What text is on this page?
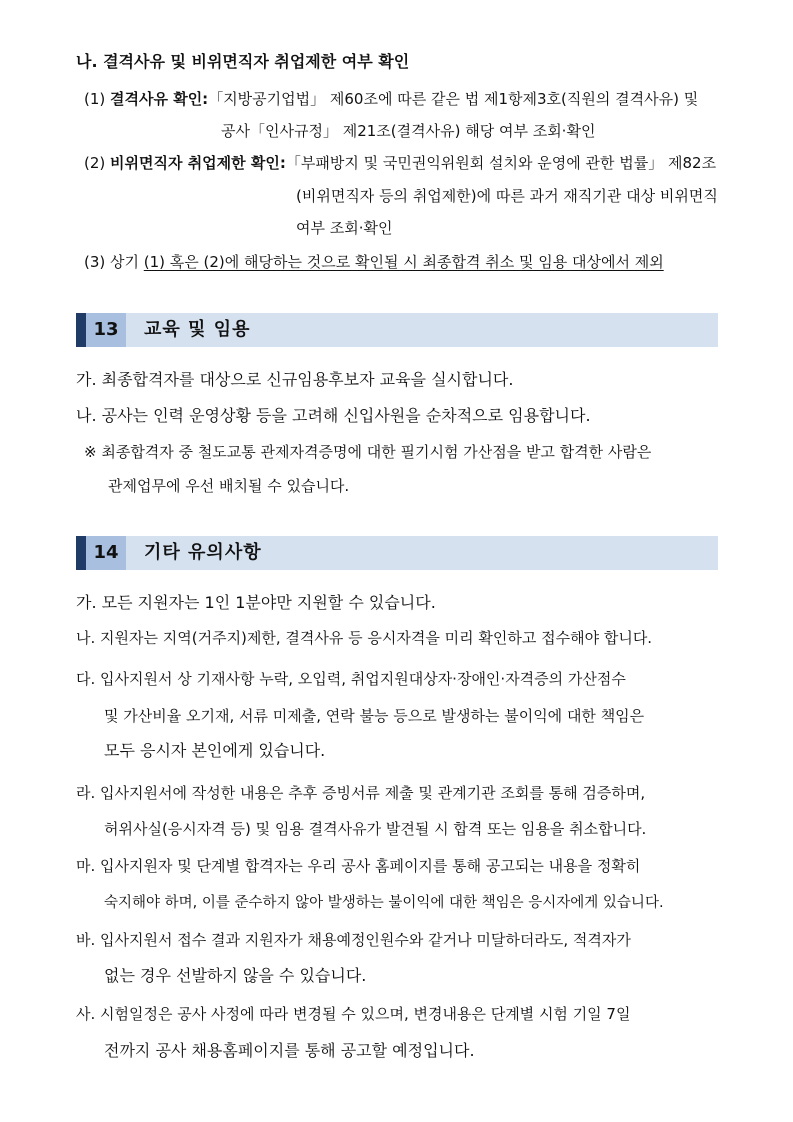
나. 결격사유 및 비위면직자 취업제한 여부 확인
(1) 결격사유 확인:「지방공기업법」 제60조에 따른 같은 법 제1항제3호(직원의 결격사유) 및
공사「인사규정」 제21조(결격사유) 해당 여부 조회·확인
(2) 비위면직자 취업제한 확인:「부패방지 및 국민권익위원회 설치와 운영에 관한 법률」 제82조
(비위면직자 등의 취업제한)에 따른 과거 재직기관 대상 비위면직
여부 조회·확인
(3) 상기 (1) 혹은 (2)에 해당하는 것으로 확인될 시 최종합격 취소 및 임용 대상에서 제외
13	교육 및 임용
가. 최종합격자를 대상으로 신규임용후보자 교육을 실시합니다.
나. 공사는 인력 운영상황 등을 고려해 신입사원을 순차적으로 임용합니다.
※ 최종합격자 중 철도교통 관제자격증명에 대한 필기시험 가산점을 받고 합격한 사람은
관제업무에 우선 배치될 수 있습니다.
14	기타 유의사항
가. 모든 지원자는 1인 1분야만 지원할 수 있습니다.
나. 지원자는 지역(거주지)제한, 결격사유 등 응시자격을 미리 확인하고 접수해야 합니다.
다. 입사지원서 상 기재사항 누락, 오입력, 취업지원대상자·장애인·자격증의 가산점수
및 가산비율 오기재, 서류 미제출, 연락 불능 등으로 발생하는 불이익에 대한 책임은
모두 응시자 본인에게 있습니다.
라. 입사지원서에 작성한 내용은 추후 증빙서류 제출 및 관계기관 조회를 통해 검증하며,
허위사실(응시자격 등) 및 임용 결격사유가 발견될 시 합격 또는 임용을 취소합니다.
마. 입사지원자 및 단계별 합격자는 우리 공사 홈페이지를 통해 공고되는 내용을 정확히
숙지해야 하며, 이를 준수하지 않아 발생하는 불이익에 대한 책임은 응시자에게 있습니다.
바. 입사지원서 접수 결과 지원자가 채용예정인원수와 같거나 미달하더라도, 적격자가
없는 경우 선발하지 않을 수 있습니다.
사. 시험일정은 공사 사정에 따라 변경될 수 있으며, 변경내용은 단계별 시험 기일 7일
전까지 공사 채용홈페이지를 통해 공고할 예정입니다.
